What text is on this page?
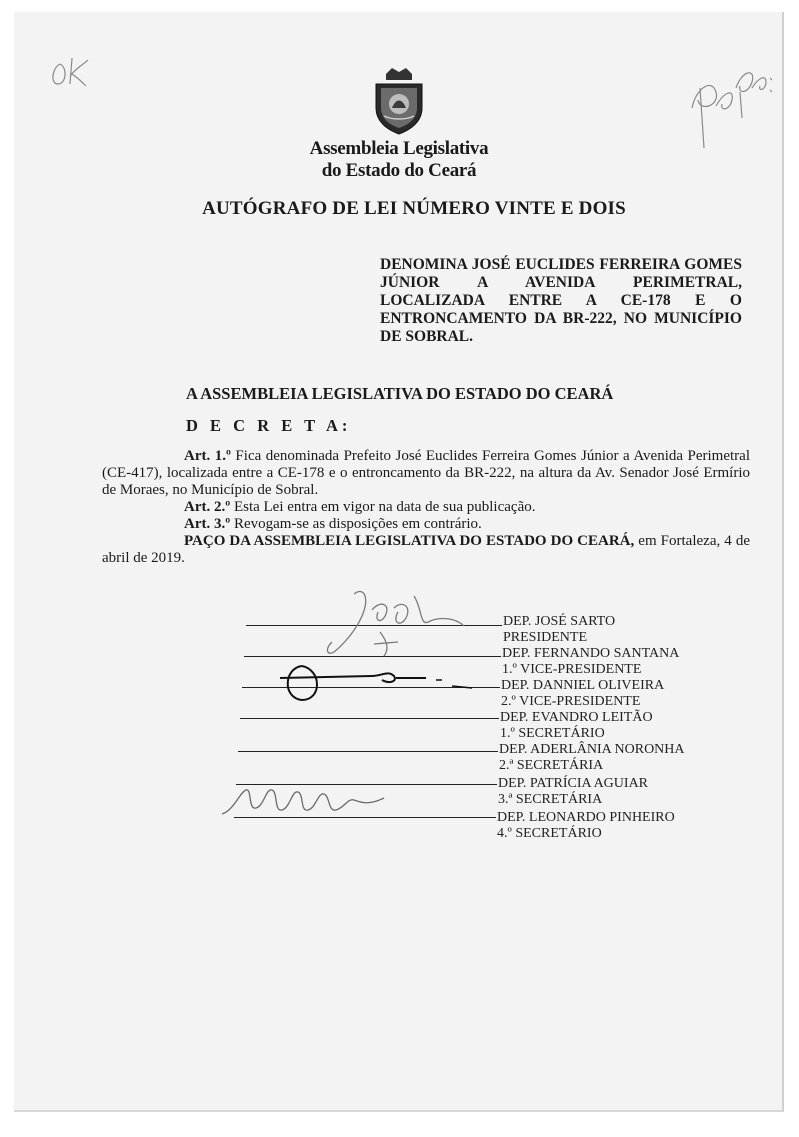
Assembleia Legislativa
do Estado do Ceará
AUTÓGRAFO DE LEI NÚMERO VINTE E DOIS
DENOMINA JOSÉ EUCLIDES FERREIRA GOMES JÚNIOR A AVENIDA PERIMETRAL, LOCALIZADA ENTRE A CE-178 E O ENTRONCAMENTO DA BR-222, NO MUNICÍPIO DE SOBRAL.
A ASSEMBLEIA LEGISLATIVA DO ESTADO DO CEARÁ
D E C R E T A:

Art. 1.º Fica denominada Prefeito José Euclides Ferreira Gomes Júnior a Avenida Perimetral (CE-417), localizada entre a CE-178 e o entroncamento da BR-222, na altura da Av. Senador José Ermírio de Moraes, no Município de Sobral.

Art. 2.º Esta Lei entra em vigor na data de sua publicação.

Art. 3.º Revogam-se as disposições em contrário.

PAÇO DA ASSEMBLEIA LEGISLATIVA DO ESTADO DO CEARÁ, em Fortaleza, 4 de abril de 2019.

DEP. JOSÉ SARTO
PRESIDENTE
DEP. FERNANDO SANTANA
1.º VICE-PRESIDENTE
DEP. DANNIEL OLIVEIRA
2.º VICE-PRESIDENTE
DEP. EVANDRO LEITÃO
1.º SECRETÁRIO
DEP. ADERLÂNIA NORONHA
2.ª SECRETÁRIA
DEP. PATRÍCIA AGUIAR
3.ª SECRETÁRIA
DEP. LEONARDO PINHEIRO
4.º SECRETÁRIO
